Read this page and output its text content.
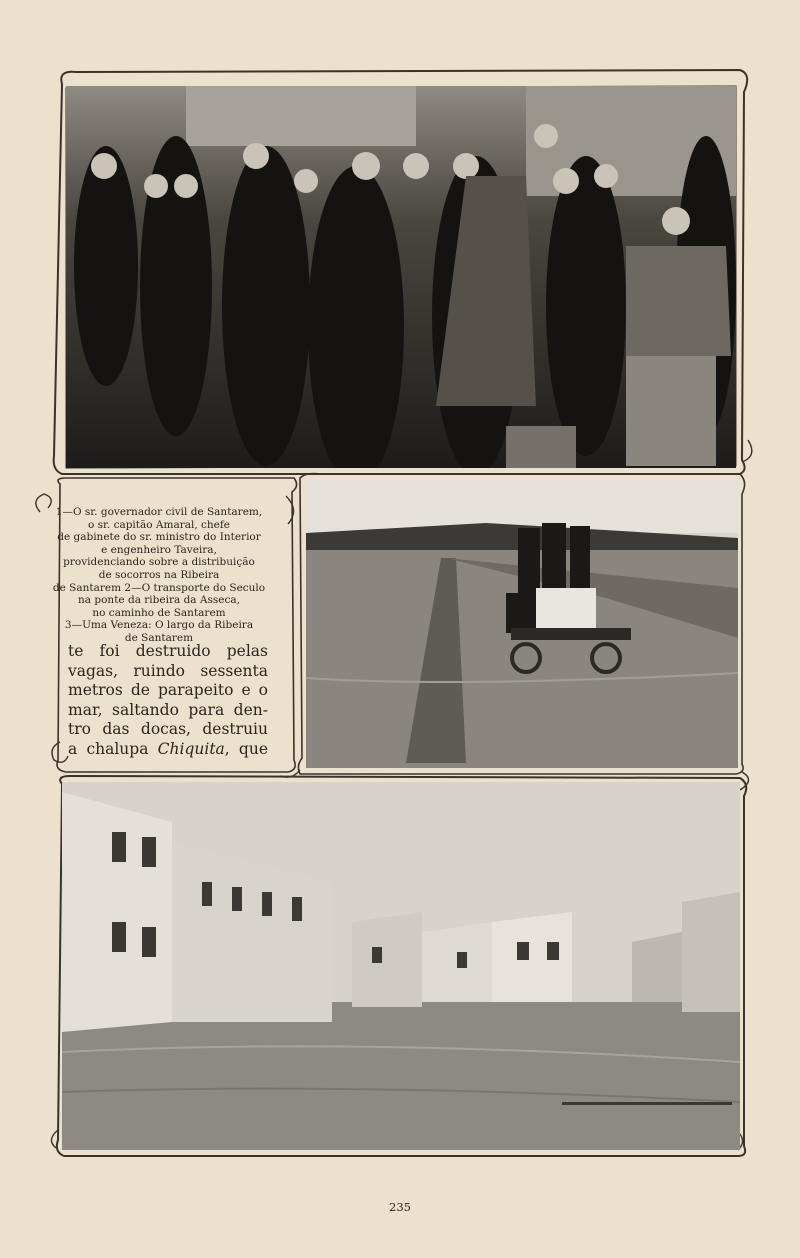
1—O sr. governador civil de Santarem,
o sr. capitão Amaral, chefe
de gabinete do sr. ministro do Interior
e engenheiro Taveira,
providenciando sobre a distribuição
de socorros na Ribeira
de Santarem 2—O transporte do Seculo
na ponte da ribeira da Asseca,
no caminho de Santarem
3—Uma Veneza: O largo da Ribeira
de Santarem
te foi destruido pelas
vagas, ruindo sessenta
metros de parapeito e o
mar, saltando para den-
tro das docas, destruiu
a chalupa Chiquita, que
235
